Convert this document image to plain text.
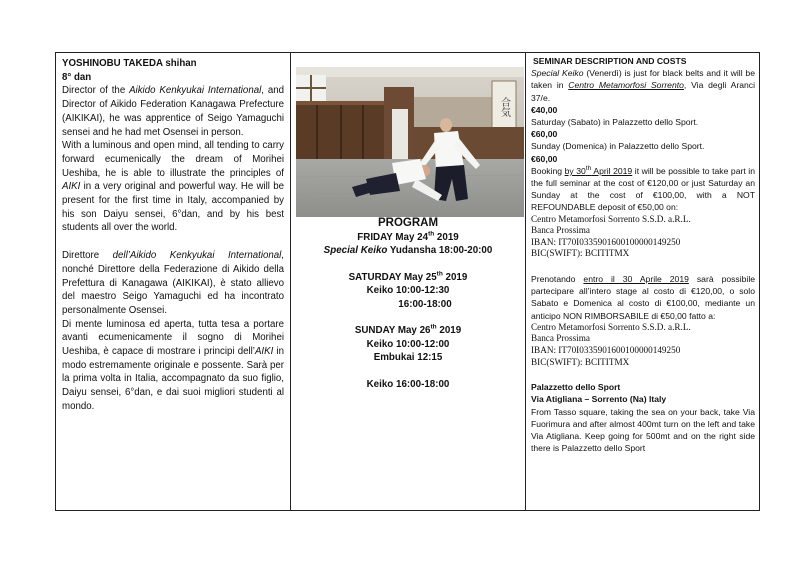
YOSHINOBU TAKEDA shihan

8° dan

Director of the Aikido Kenkyukai International, and Director of Aikido Federation Kanagawa Prefecture (AIKIKAI), he was apprentice of Seigo Yamaguchi sensei and he had met Osensei in person.

With a luminous and open mind, all tending to carry forward ecumenically the dream of Morihei Ueshiba, he is able to illustrate the principles of AIKI in a very original and powerful way. He will be present for the first time in Italy, accompanied by his son Daiyu sensei, 6°dan, and by his best students all over the world.

Direttore dell’Aikido Kenkyukai International, nonché Direttore della Federazione di Aikido della Prefettura di Kanagawa (AIKIKAI), è stato allievo del maestro Seigo Yamaguchi ed ha incontrato personalmente Osensei.

Di mente luminosa ed aperta, tutta tesa a portare avanti ecumenicamente il sogno di Morihei Ueshiba, è capace di mostrare i principi dell’AIKI in modo estremamente originale e possente. Sarà per la prima volta in Italia, accompagnato da suo figlio, Daiyu sensei, 6°dan, e dai suoi migliori studenti al mondo.

合気

PROGRAM

FRIDAY May 24th 2019

Special Keiko Yudansha 18:00-20:00

SATURDAY May 25th 2019

Keiko 10:00-12:30

16:00-18:00

SUNDAY May 26th 2019

Keiko 10:00-12:00

Embukai 12:15

Keiko 16:00-18:00

SEMINAR DESCRIPTION AND COSTS

Special Keiko (Venerdì) is just for black belts and it will be taken in Centro Metamorfosi Sorrento, Via degli Aranci 37/e.

€40,00

Saturday (Sabato) in Palazzetto dello Sport.

€60,00

Sunday (Domenica) in Palazzetto dello Sport.

€60,00

Booking by 30th April 2019 it will be possible to take part in the full seminar at the cost of €120,00 or just Saturday an Sunday at the cost of €100,00, with a NOT REFOUNDABLE deposit of €50,00 on:

Centro Metamorfosi Sorrento S.S.D. a.R.L.

Banca Prossima

IBAN: IT70I0335901600100000149250

BIC(SWIFT): BCITITMX

Prenotando entro il 30 Aprile 2019 sarà possibile partecipare all’intero stage al costo di €120,00, o solo Sabato e Domenica al costo di €100,00, mediante un anticipo NON RIMBORSABILE di €50,00 fatto a:

Centro Metamorfosi Sorrento S.S.D. a.R.L.

Banca Prossima

IBAN: IT70I0335901600100000149250

BIC(SWIFT): BCITITMX

Palazzetto dello Sport

Via Atigliana – Sorrento (Na) Italy

From Tasso square, taking the sea on your back, take Via Fuorimura and after almost 400mt turn on the left and take Via Atigliana. Keep going for 500mt and on the right side there is Palazzetto dello Sport
